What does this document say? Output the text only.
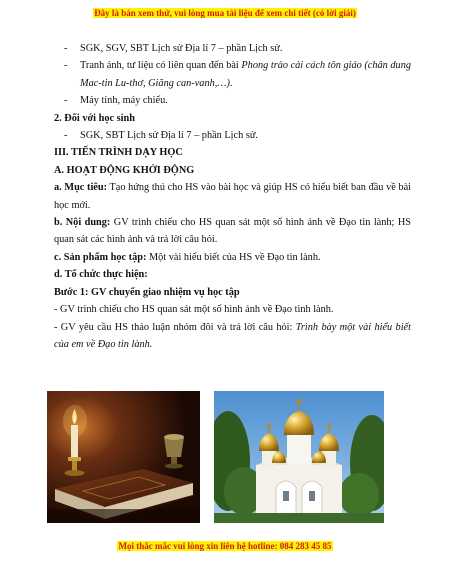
Đây là bản xem thử, vui lòng mua tài liệu để xem chi tiết (có lời giải)

- SGK, SGV, SBT Lịch sử Địa lí 7 – phần Lịch sử.

- Tranh ảnh, tư liệu có liên quan đến bài Phong trào cải cách tôn giáo (chân dung Mac-tin Lu-thơ, Giăng can-vanh,…).

- Máy tính, máy chiếu.

2. Đối với học sinh

- SGK, SBT Lịch sử Địa lí 7 – phần Lịch sử.

III. TIẾN TRÌNH DẠY HỌC

A. HOẠT ĐỘNG KHỞI ĐỘNG

a. Mục tiêu: Tạo hứng thú cho HS vào bài học và giúp HS có hiểu biết ban đầu về bài học mới.

b. Nội dung: GV trình chiếu cho HS quan sát một số hình ảnh về Đạo tin lành; HS quan sát các hình ảnh và trả lời câu hỏi.

c. Sản phẩm học tập: Một vài hiểu biết của HS về Đạo tin lành.

d. Tổ chức thực hiện:

Bước 1: GV chuyển giao nhiệm vụ học tập

- GV trình chiếu cho HS quan sát một số hình ảnh về Đạo tinh lành.

- GV yêu cầu HS thảo luận nhóm đôi và trả lời câu hỏi: Trình bày một vài hiểu biết của em về Đạo tin lành.

Mọi thắc mắc vui lòng xin liên hệ hotline: 084 283 45 85
